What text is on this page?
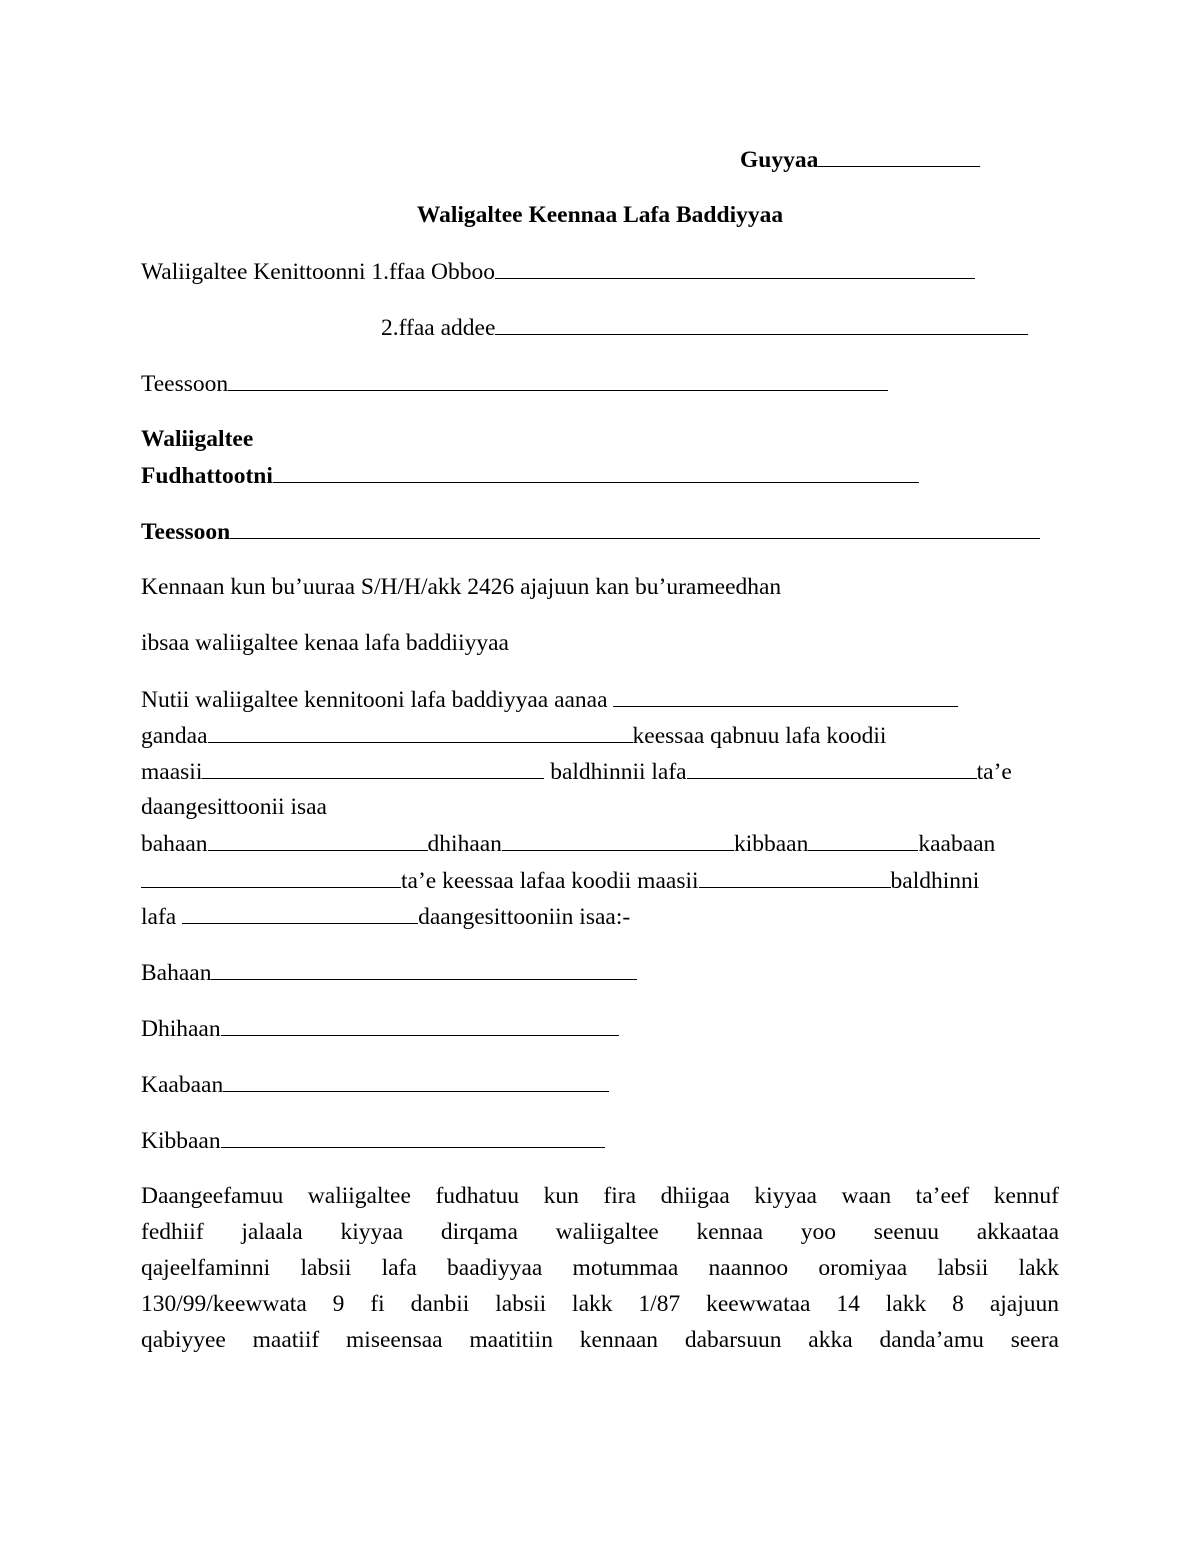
Guyyaa
Waligaltee Keennaa Lafa Baddiyyaa
Waliigaltee Kenittoonni 1.ffaa Obboo
2.ffaa addee
Teessoon
Waliigaltee
Fudhattootni
Teessoon
Kennaan kun bu’uuraa S/H/H/akk 2426 ajajuun kan bu’urameedhan
ibsaa waliigaltee kenaa lafa baddiiyyaa
Nutii waliigaltee kennitooni lafa baddiyyaa aanaa
gandaa	keessaa qabnuu lafa koodii
maasii	baldhinnii lafa	ta’e
daangesittoonii isaa
bahaan	dhihaan	kibbaan	kaabaan
ta’e keessaa lafaa koodii maasii	baldhinni
lafa	daangesittooniin isaa:-
Bahaan
Dhihaan
Kaabaan
Kibbaan
Daangeefamuu waliigaltee fudhatuu kun fira dhiigaa kiyyaa waan ta’eef kennuf
fedhiif jalaala kiyyaa dirqama waliigaltee kennaa yoo seenuu akkaataa
qajeelfaminni labsii lafa baadiyyaa motummaa naannoo oromiyaa labsii lakk
130/99/keewwata 9 fi danbii labsii lakk 1/87 keewwataa 14 lakk 8 ajajuun
qabiyyee maatiif miseensaa maatitiin kennaan dabarsuun akka danda’amu seera
